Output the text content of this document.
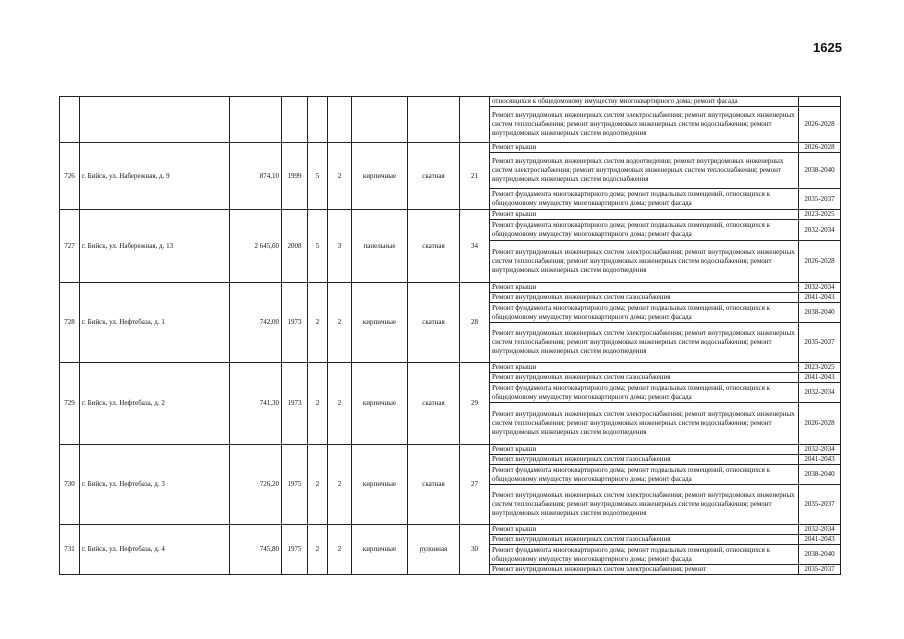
1625
									относящихся к общедомовому имуществу многоквартирного дома; ремонт фасада	
									Ремонт внутридомовых инженерных систем электроснабжения; ремонт внутридомовых инженерных систем теплоснабжения; ремонт внутридомовых инженерных систем водоснабжения; ремонт внутридомовых инженерных систем водоотведения	2026-2028
726	г. Бийск, ул. Набережная, д. 9	874,10	1999	5	2	кирпичные	скатная	21	Ремонт крыши	2026-2028
									Ремонт внутридомовых инженерных систем водоотведения; ремонт внутридомовых инженерных систем электроснабжения; ремонт внутридомовых инженерных систем теплоснабжения; ремонт внутридомовых инженерных систем водоснабжения	2038-2040
									Ремонт фундамента многоквартирного дома; ремонт подвальных помещений, относящихся к общедомовому имуществу многоквартирного дома; ремонт фасада	2035-2037
727	г. Бийск, ул. Набережная, д. 13	2 645,60	2008	5	3	панельные	скатная	34	Ремонт крыши	2023-2025
									Ремонт фундамента многоквартирного дома; ремонт подвальных помещений, относящихся к общедомовому имуществу многоквартирного дома; ремонт фасада	2032-2034
									Ремонт внутридомовых инженерных систем электроснабжения; ремонт внутридомовых инженерных систем теплоснабжения; ремонт внутридомовых инженерных систем водоснабжения; ремонт внутридомовых инженерных систем водоотведения	2026-2028
728	г. Бийск, ул. Нефтебаза, д. 1	742,00	1973	2	2	кирпичные	скатная	28	Ремонт крыши	2032-2034
									Ремонт внутридомовых инженерных систем газоснабжения	2041-2043
									Ремонт фундамента многоквартирного дома; ремонт подвальных помещений, относящихся к общедомовому имуществу многоквартирного дома; ремонт фасада	2038-2040
									Ремонт внутридомовых инженерных систем электроснабжения; ремонт внутридомовых инженерных систем теплоснабжения; ремонт внутридомовых инженерных систем водоснабжения; ремонт внутридомовых инженерных систем водоотведения	2035-2037
729	г. Бийск, ул. Нефтебаза, д. 2	741,30	1973	2	2	кирпичные	скатная	29	Ремонт крыши	2023-2025
									Ремонт внутридомовых инженерных систем газоснабжения	2041-2043
									Ремонт фундамента многоквартирного дома; ремонт подвальных помещений, относящихся к общедомовому имуществу многоквартирного дома; ремонт фасада	2032-2034
									Ремонт внутридомовых инженерных систем электроснабжения; ремонт внутридомовых инженерных систем теплоснабжения; ремонт внутридомовых инженерных систем водоснабжения; ремонт внутридомовых инженерных систем водоотведения	2026-2028
730	г. Бийск, ул. Нефтебаза, д. 3	726,20	1975	2	2	кирпичные	скатная	27	Ремонт крыши	2032-2034
									Ремонт внутридомовых инженерных систем газоснабжения	2041-2043
									Ремонт фундамента многоквартирного дома; ремонт подвальных помещений, относящихся к общедомовому имуществу многоквартирного дома; ремонт фасада	2038-2040
									Ремонт внутридомовых инженерных систем электроснабжения; ремонт внутридомовых инженерных систем теплоснабжения; ремонт внутридомовых инженерных систем водоснабжения; ремонт внутридомовых инженерных систем водоотведения	2035-2037
731	г. Бийск, ул. Нефтебаза, д. 4	745,80	1975	2	2	кирпичные	рулонная	30	Ремонт крыши	2032-2034
									Ремонт внутридомовых инженерных систем газоснабжения	2041-2043
									Ремонт фундамента многоквартирного дома; ремонт подвальных помещений, относящихся к общедомовому имуществу многоквартирного дома; ремонт фасада	2038-2040
									Ремонт внутридомовых инженерных систем электроснабжения; ремонт	2035-2037
